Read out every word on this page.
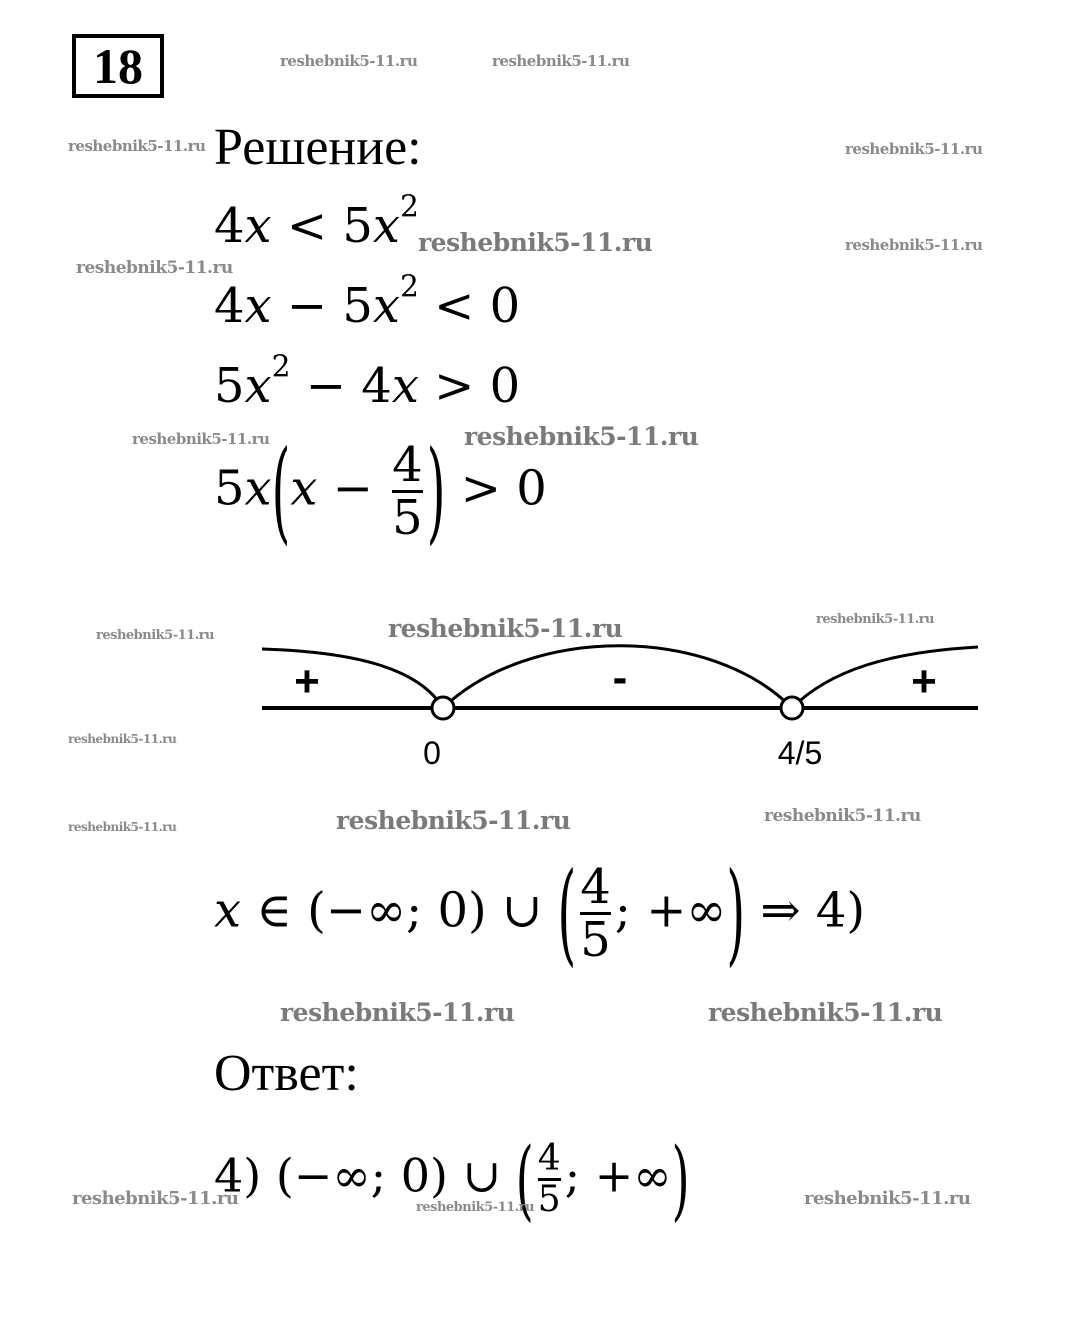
18
Решение:
$4x < 5x^2$
$4x - 5x^2 < 0$
$5x^2 - 4x > 0$
$5x(x - \frac{4}{5}$ ) > 0
+	-	+
0	4/5
x ∈ (−∞; 0) ∪ ( $\frac{4}{5}$ ; +∞) ⇒ 4)
Ответ:
4) (−∞; 0) ∪ ( $\frac{4}{5}$ ; +∞)
reshebnik5-11.ru	reshebnik5-11.ru
reshebnik5-11.ru	reshebnik5-11.ru
reshebnik5-11.ru	reshebnik5-11.ru
reshebnik5-11.ru
reshebnik5-11.ru	reshebnik5-11.ru
reshebnik5-11.ru	reshebnik5-11.ru	reshebnik5-11.ru
reshebnik5-11.ru
reshebnik5-11.ru	reshebnik5-11.ru	reshebnik5-11.ru
reshebnik5-11.ru	reshebnik5-11.ru
reshebnik5-11.ru	reshebnik5-11.ru	reshebnik5-11.ru
